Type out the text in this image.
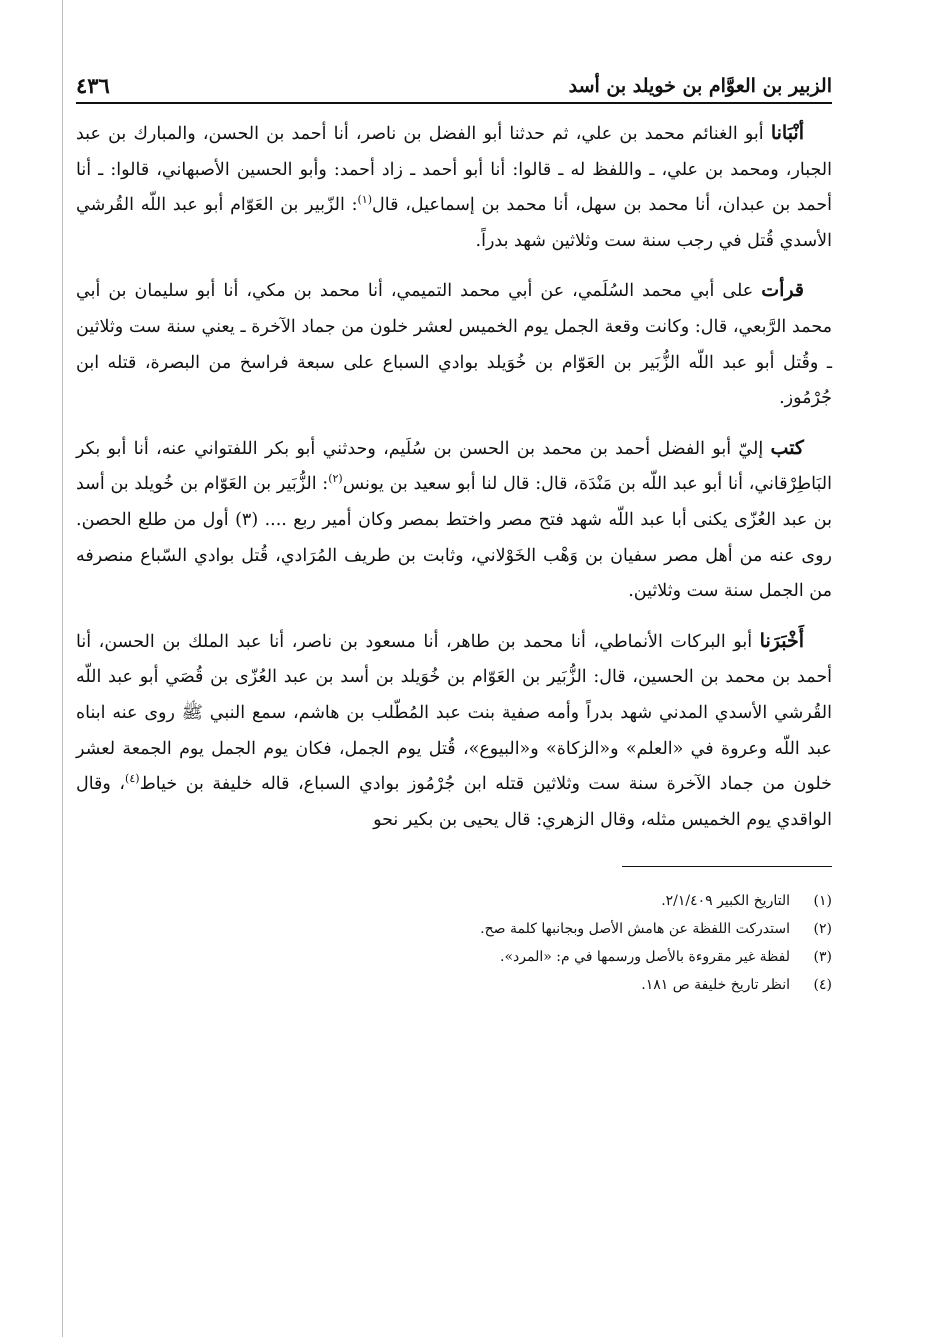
الزبير بن العوَّام بن خويلد بن أسد
٤٣٦

أنْبَانا أبو الغنائم محمد بن علي، ثم حدثنا أبو الفضل بن ناصر، أنا أحمد بن الحسن، والمبارك بن عبد الجبار، ومحمد بن علي، ـ واللفظ له ـ قالوا: أنا أبو أحمد ـ زاد أحمد: وأبو الحسين الأصبهاني، قالوا: ـ أنا أحمد بن عبدان، أنا محمد بن سهل، أنا محمد بن إسماعيل، قال$^{(١)}$: الزّبير بن العَوّام أبو عبد اللّه القُرشي الأسدي قُتل في رجب سنة ست وثلاثين شهد بدراً.

قرأت على أبي محمد السُلَمي، عن أبي محمد التميمي، أنا محمد بن مكي، أنا أبو سليمان بن أبي محمد الرَّبعي، قال: وكانت وقعة الجمل يوم الخميس لعشر خلون من جماد الآخرة ـ يعني سنة ست وثلاثين ـ وقُتل أبو عبد اللّه الزُّبَير بن العَوّام بن خُوَيلد بوادي السباع على سبعة فراسخ من البصرة، قتله ابن جُرْمُوز.

كتب إليّ أبو الفضل أحمد بن محمد بن الحسن بن سُلَيم، وحدثني أبو بكر اللفتواني عنه، أنا أبو بكر البَاطِرْقاني، أنا أبو عبد اللّه بن مَنْدَة، قال: قال لنا أبو سعيد بن يونس$^{(٢)}$: الزُّبَير بن العَوّام بن خُويلد بن أسد بن عبد العُزّى يكنى أبا عبد اللّه شهد فتح مصر واختط بمصر وكان أمير ربع .... (٣) أول من طلع الحصن. روى عنه من أهل مصر سفيان بن وَهْب الخَوْلاني، وثابت بن طريف المُرَادي، قُتل بوادي السّباع منصرفه من الجمل سنة ست وثلاثين.

أَخْبَرَنا أبو البركات الأنماطي، أنا محمد بن طاهر، أنا مسعود بن ناصر، أنا عبد الملك بن الحسن، أنا أحمد بن محمد بن الحسين، قال: الزُّبَير بن العَوّام بن خُوَيلد بن أسد بن عبد العُزّى بن قُصَي أبو عبد اللّه القُرشي الأسدي المدني شهد بدراً وأمه صفية بنت عبد المُطّلب بن هاشم، سمع النبي ﷺ روى عنه ابناه عبد اللّه وعروة في «العلم» و«الزكاة» و«البيوع»، قُتل يوم الجمل، فكان يوم الجمل يوم الجمعة لعشر خلون من جماد الآخرة سنة ست وثلاثين قتله ابن جُرْمُوز بوادي السباع، قاله خليفة بن خياط$^{(٤)}$، وقال الواقدي يوم الخميس مثله، وقال الزهري: قال يحيى بن بكير نحو

(١)
التاريخ الكبير ٢/١/٤٠٩.
(٢)
استدركت اللفظة عن هامش الأصل وبجانبها كلمة صح.
(٣)
لفظة غير مقروءة بالأصل ورسمها في م: «المرد».
(٤)
انظر تاريخ خليفة ص ١٨١.
